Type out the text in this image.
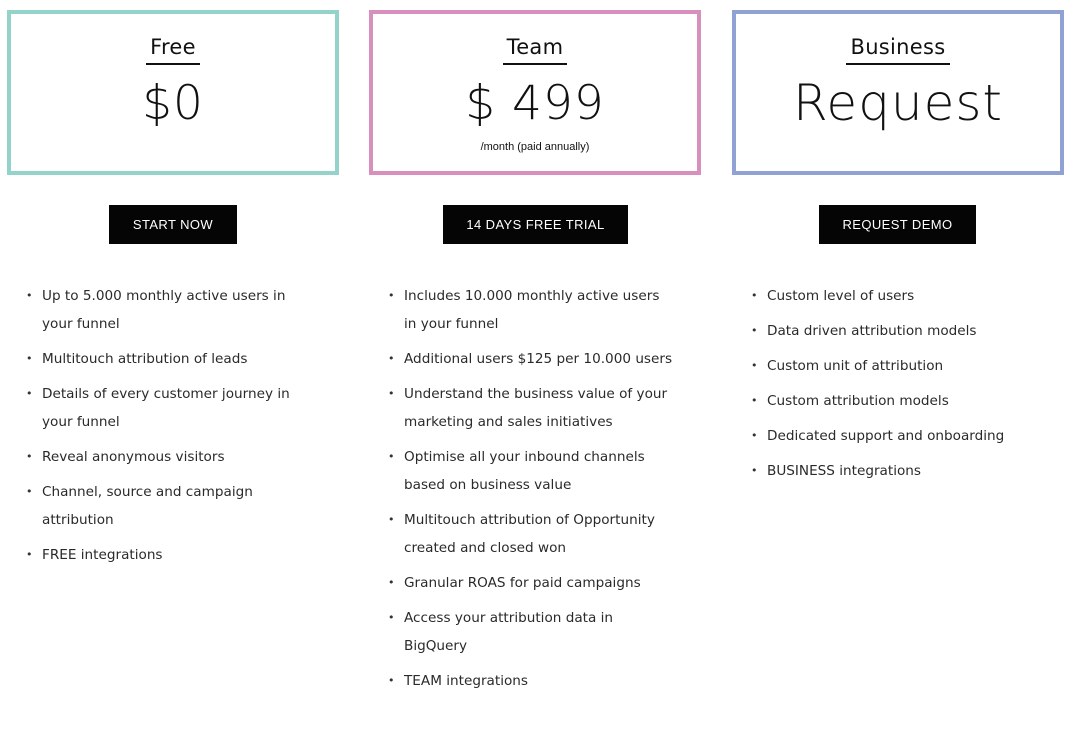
Free
$0
START NOW
• Up to 5.000 monthly active users in your funnel
• Multitouch attribution of leads
• Details of every customer journey in your funnel
• Reveal anonymous visitors
• Channel, source and campaign attribution
• FREE integrations
Team
$ 499
/month (paid annually)
14 DAYS FREE TRIAL
• Includes 10.000 monthly active users in your funnel
• Additional users $125 per 10.000 users
• Understand the business value of your marketing and sales initiatives
• Optimise all your inbound channels based on business value
• Multitouch attribution of Opportunity created and closed won
• Granular ROAS for paid campaigns
• Access your attribution data in BigQuery
• TEAM integrations
Business
Request
REQUEST DEMO
• Custom level of users
• Data driven attribution models
• Custom unit of attribution
• Custom attribution models
• Dedicated support and onboarding
• BUSINESS integrations
